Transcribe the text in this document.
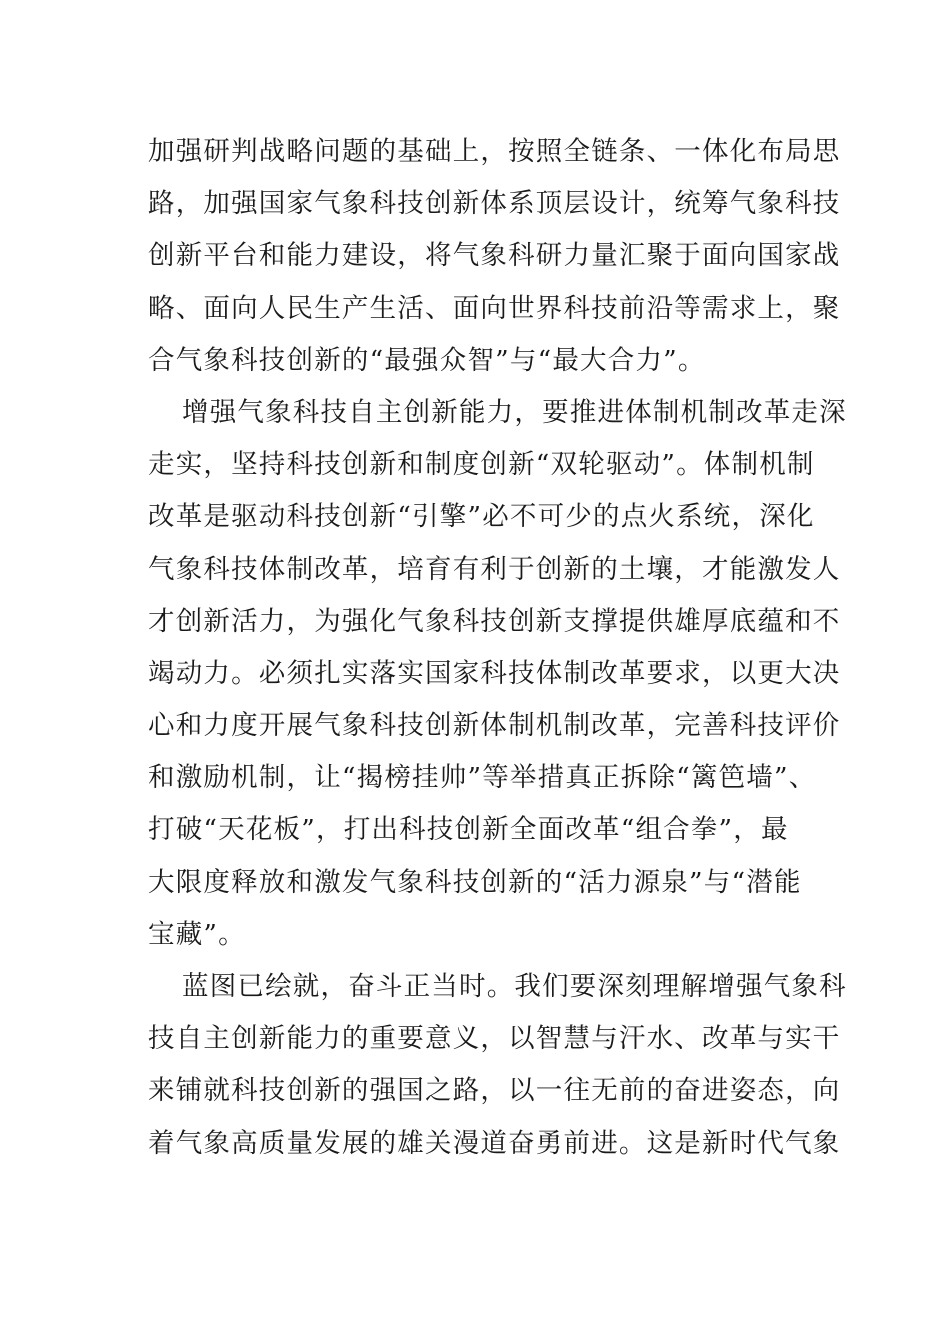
加强研判战略问题的基础上，按照全链条、一体化布局思
路，加强国家气象科技创新体系顶层设计，统筹气象科技
创新平台和能力建设，将气象科研力量汇聚于面向国家战
略、面向人民生产生活、面向世界科技前沿等需求上，聚
合气象科技创新的“最强众智”与“最大合力”。
增强气象科技自主创新能力，要推进体制机制改革走深
走实，坚持科技创新和制度创新“双轮驱动”。体制机制
改革是驱动科技创新“引擎”必不可少的点火系统，深化
气象科技体制改革，培育有利于创新的土壤，才能激发人
才创新活力，为强化气象科技创新支撑提供雄厚底蕴和不
竭动力。必须扎实落实国家科技体制改革要求，以更大决
心和力度开展气象科技创新体制机制改革，完善科技评价
和激励机制，让“揭榜挂帅”等举措真正拆除“篱笆墙”、
打破“天花板”，打出科技创新全面改革“组合拳”，最
大限度释放和激发气象科技创新的“活力源泉”与“潜能
宝藏”。
蓝图已绘就，奋斗正当时。我们要深刻理解增强气象科
技自主创新能力的重要意义，以智慧与汗水、改革与实干
来铺就科技创新的强国之路，以一往无前的奋进姿态，向
着气象高质量发展的雄关漫道奋勇前进。这是新时代气象
